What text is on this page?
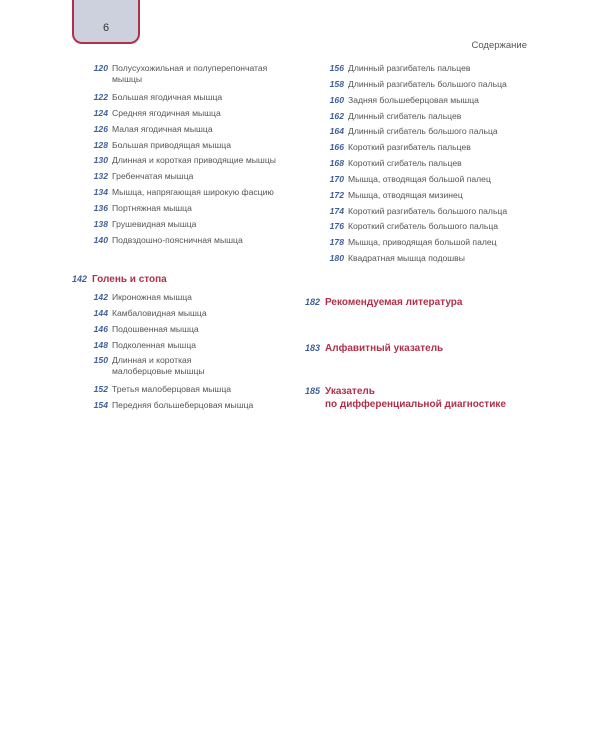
6
Содержание
120 Полусухожильная и полуперепончатая мышцы
122 Большая ягодичная мышца
124 Средняя ягодичная мышца
126 Малая ягодичная мышца
128 Большая приводящая мышца
130 Длинная и короткая приводящие мышцы
132 Гребенчатая мышца
134 Мышца, напрягающая широкую фасцию
136 Портняжная мышца
138 Грушевидная мышца
140 Подвздошно-поясничная мышца
142 Голень и стопа
142 Икроножная мышца
144 Камбаловидная мышца
146 Подошвенная мышца
148 Подколенная мышца
150 Длинная и короткая малоберцовые мышцы
152 Третья малоберцовая мышца
154 Передняя большеберцовая мышца
156 Длинный разгибатель пальцев
158 Длинный разгибатель большого пальца
160 Задняя большеберцовая мышца
162 Длинный сгибатель пальцев
164 Длинный сгибатель большого пальца
166 Короткий разгибатель пальцев
168 Короткий сгибатель пальцев
170 Мышца, отводящая большой палец
172 Мышца, отводящая мизинец
174 Короткий разгибатель большого пальца
176 Короткий сгибатель большого пальца
178 Мышца, приводящая большой палец
180 Квадратная мышца подошвы
182 Рекомендуемая литература
183 Алфавитный указатель
185 Указатель
по дифференциальной диагностике
